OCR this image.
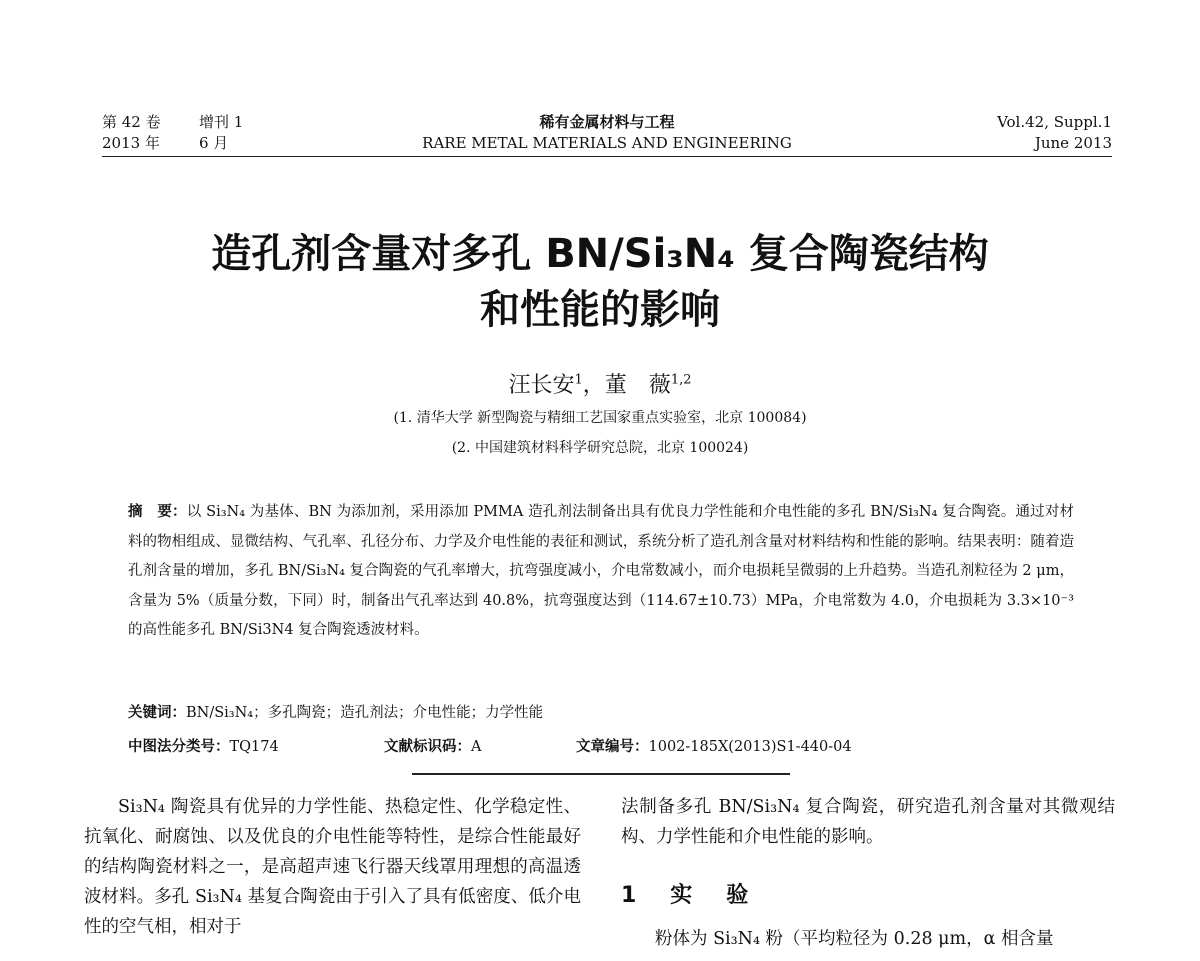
第 42 卷
2013 年
增刊 1
6 月
稀有金属材料与工程
RARE METAL MATERIALS AND ENGINEERING
Vol.42, Suppl.1
June 2013
造孔剂含量对多孔 BN/Si₃N₄ 复合陶瓷结构
和性能的影响
汪长安$^1$，董　薇$^{1,2}$
(1. 清华大学 新型陶瓷与精细工艺国家重点实验室，北京 100084)
(2. 中国建筑材料科学研究总院，北京 100024)
摘　要：以 Si₃N₄ 为基体、BN 为添加剂，采用添加 PMMA 造孔剂法制备出具有优良力学性能和介电性能的多孔 BN/Si₃N₄ 复合陶瓷。通过对材料的物相组成、显微结构、气孔率、孔径分布、力学及介电性能的表征和测试，系统分析了造孔剂含量对材料结构和性能的影响。结果表明：随着造孔剂含量的增加，多孔 BN/Si₃N₄ 复合陶瓷的气孔率增大，抗弯强度减小，介电常数减小，而介电损耗呈微弱的上升趋势。当造孔剂粒径为 2 μm，含量为 5%（质量分数，下同）时，制备出气孔率达到 40.8%，抗弯强度达到（114.67±10.73）MPa，介电常数为 4.0，介电损耗为 3.3×10⁻³ 的高性能多孔 BN/Si3N4 复合陶瓷透波材料。
关键词：BN/Si₃N₄；多孔陶瓷；造孔剂法；介电性能；力学性能
中图法分类号：TQ174	文献标识码：A	文章编号：1002-185X(2013)S1-440-04
Si₃N₄ 陶瓷具有优异的力学性能、热稳定性、化学稳定性、抗氧化、耐腐蚀、以及优良的介电性能等特性，是综合性能最好的结构陶瓷材料之一，是高超声速飞行器天线罩用理想的高温透波材料。多孔 Si₃N₄ 基复合陶瓷由于引入了具有低密度、低介电性的空气相，相对于
法制备多孔 BN/Si₃N₄ 复合陶瓷，研究造孔剂含量对其微观结构、力学性能和介电性能的影响。
1　实　验
粉体为 Si₃N₄ 粉（平均粒径为 0.28 μm，α 相含量
